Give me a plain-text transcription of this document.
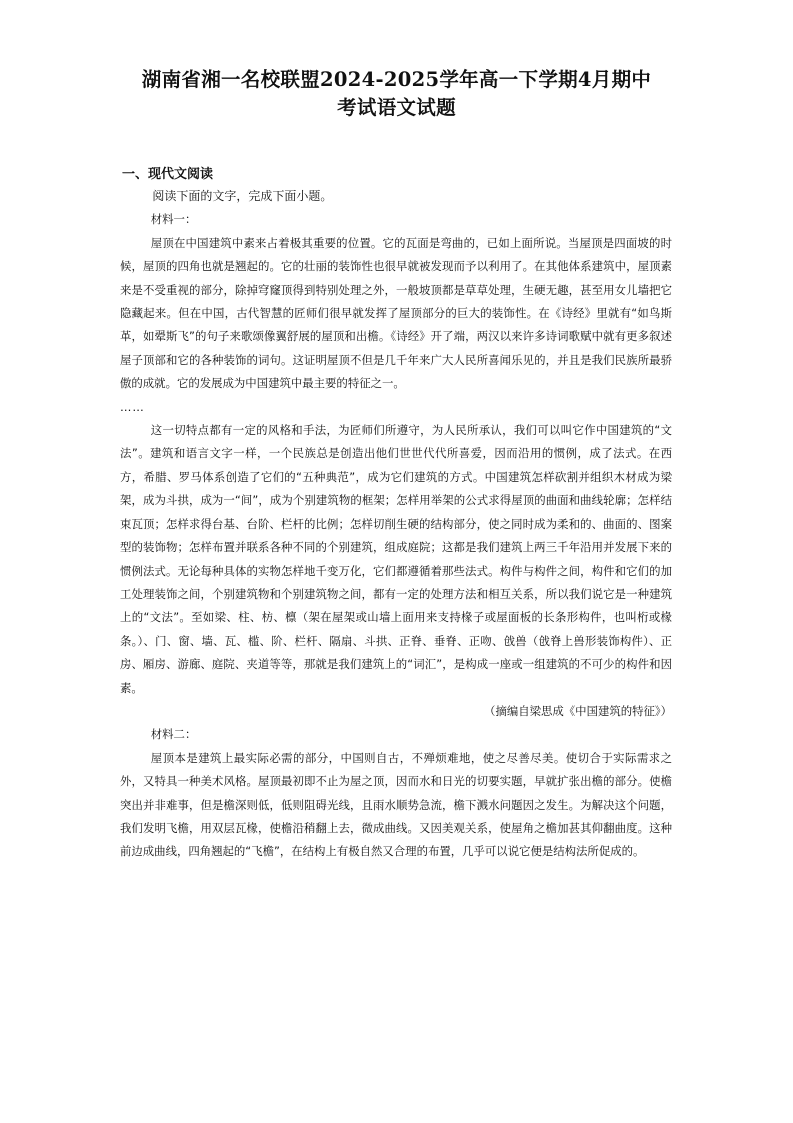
湖南省湘一名校联盟2024-2025学年高一下学期4月期中
考试语文试题
一、现代文阅读

阅读下面的文字，完成下面小题。

材料一：

屋顶在中国建筑中素来占着极其重要的位置。它的瓦面是弯曲的，已如上面所说。当屋顶是四面坡的时候，屋顶的四角也就是翘起的。它的壮丽的装饰性也很早就被发现而予以利用了。在其他体系建筑中，屋顶素来是不受重视的部分，除掉穹窿顶得到特别处理之外，一般坡顶都是草草处理，生硬无趣，甚至用女儿墙把它隐藏起来。但在中国，古代智慧的匠师们很早就发挥了屋顶部分的巨大的装饰性。在《诗经》里就有“如鸟斯革，如翚斯飞”的句子来歌颂像翼舒展的屋顶和出檐。《诗经》开了端，两汉以来许多诗词歌赋中就有更多叙述屋子顶部和它的各种装饰的词句。这证明屋顶不但是几千年来广大人民所喜闻乐见的，并且是我们民族所最骄傲的成就。它的发展成为中国建筑中最主要的特征之一。

……

这一切特点都有一定的风格和手法，为匠师们所遵守，为人民所承认，我们可以叫它作中国建筑的“文法”。建筑和语言文字一样，一个民族总是创造出他们世世代代所喜爱，因而沿用的惯例，成了法式。在西方，希腊、罗马体系创造了它们的“五种典范”，成为它们建筑的方式。中国建筑怎样砍割并组织木材成为梁架，成为斗拱，成为一“间”，成为个别建筑物的框架；怎样用举架的公式求得屋顶的曲面和曲线轮廓；怎样结束瓦顶；怎样求得台基、台阶、栏杆的比例；怎样切削生硬的结构部分，使之同时成为柔和的、曲面的、图案型的装饰物；怎样布置并联系各种不同的个别建筑，组成庭院；这都是我们建筑上两三千年沿用并发展下来的惯例法式。无论每种具体的实物怎样地千变万化，它们都遵循着那些法式。构件与构件之间，构件和它们的加工处理装饰之间，个别建筑物和个别建筑物之间，都有一定的处理方法和相互关系，所以我们说它是一种建筑上的“文法”。至如梁、柱、枋、檩（架在屋架或山墙上面用来支持椽子或屋面板的长条形构件，也叫桁或椽条。）、门、窗、墙、瓦、槛、阶、栏杆、隔扇、斗拱、正脊、垂脊、正吻、戗兽（戗脊上兽形装饰构件）、正房、厢房、游廊、庭院、夹道等等，那就是我们建筑上的“词汇”，是构成一座或一组建筑的不可少的构件和因素。

（摘编自梁思成《中国建筑的特征》）

材料二：

屋顶本是建筑上最实际必需的部分，中国则自古，不殚烦难地，使之尽善尽美。使切合于实际需求之外，又特具一种美术风格。屋顶最初即不止为屋之顶，因而水和日光的切要实题，早就扩张出檐的部分。使檐突出并非难事，但是檐深则低，低则阻碍光线，且雨水顺势急流，檐下溅水问题因之发生。为解决这个问题，我们发明飞檐，用双层瓦椽，使檐沿稍翻上去，微成曲线。又因美观关系，使屋角之檐加甚其仰翻曲度。这种前边成曲线，四角翘起的“飞檐”，在结构上有极自然又合理的布置，几乎可以说它便是结构法所促成的。
